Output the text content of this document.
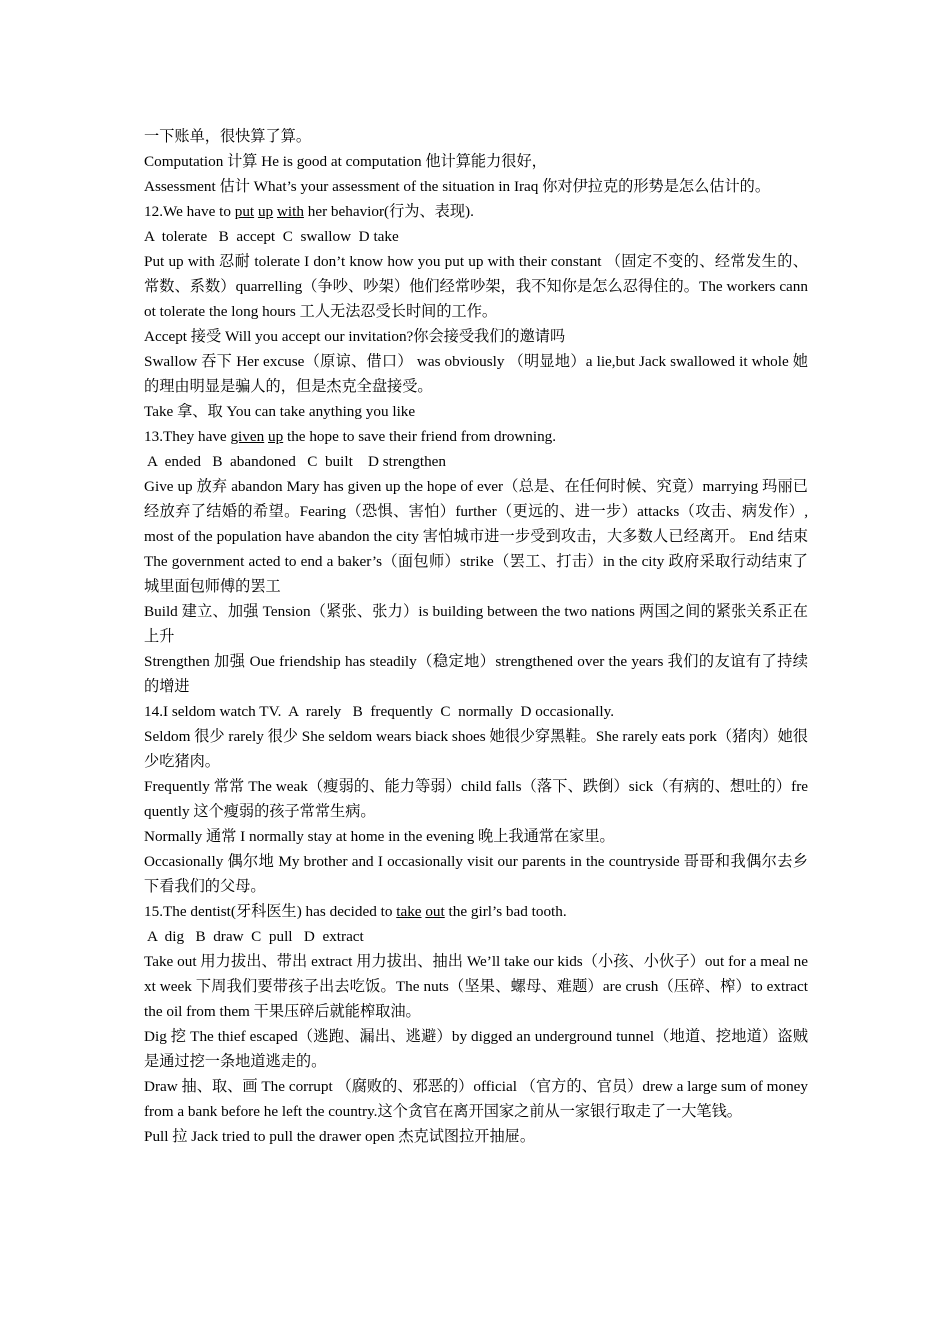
一下账单，很快算了算。

Computation 计算 He is good at computation 他计算能力很好，

Assessment 估计 What’s your assessment of the situation in Iraq 你对伊拉克的形势是怎么估计的。

12.We have to put up with her behavior(行为、表现).

A  tolerate   B  accept  C  swallow  D take

Put up with 忍耐 tolerate I don’t know how you put up with their constant （固定不变的、经常发生的、常数、系数）quarrelling（争吵、吵架）他们经常吵架，我不知你是怎么忍得住的。The workers cannot tolerate the long hours 工人无法忍受长时间的工作。

Accept 接受 Will you accept our invitation?你会接受我们的邀请吗

Swallow 吞下 Her excuse（原谅、借口） was obviously （明显地）a lie,but Jack swallowed it whole 她的理由明显是骗人的，但是杰克全盘接受。

Take 拿、取 You can take anything you like

13.They have given up the hope to save their friend from drowning.

A  ended   B  abandoned   C  built    D strengthen

Give up 放弃 abandon Mary has given up the hope of ever（总是、在任何时候、究竟）marrying 玛丽已经放弃了结婚的希望。Fearing（恐惧、害怕）further（更远的、进一步）attacks（攻击、病发作）, most of the population have abandon the city 害怕城市进一步受到攻击，大多数人已经离开。 End 结束 The government acted to end a baker’s（面包师）strike（罢工、打击）in the city 政府采取行动结束了城里面包师傅的罢工

Build 建立、加强 Tension（紧张、张力）is building between the two nations 两国之间的紧张关系正在上升

Strengthen 加强 Oue friendship has steadily（稳定地）strengthened over the years 我们的友谊有了持续的增进

14.I seldom watch TV.  A  rarely   B  frequently  C  normally  D occasionally.

Seldom 很少 rarely 很少 She seldom wears biack shoes 她很少穿黑鞋。She rarely eats pork（猪肉）她很少吃猪肉。

Frequently 常常 The weak（瘦弱的、能力等弱）child falls（落下、跌倒）sick（有病的、想吐的）frequently 这个瘦弱的孩子常常生病。

Normally 通常 I normally stay at home in the evening 晚上我通常在家里。

Occasionally 偶尔地 My brother and I occasionally visit our parents in the countryside 哥哥和我偶尔去乡下看我们的父母。

15.The dentist(牙科医生) has decided to take out the girl’s bad tooth.

A  dig   B  draw  C  pull   D  extract

Take out 用力拔出、带出 extract 用力拔出、抽出 We’ll take our kids（小孩、小伙子）out for a meal next week 下周我们要带孩子出去吃饭。The nuts（坚果、螺母、难题）are crush（压碎、榨）to extract the oil from them 干果压碎后就能榨取油。

Dig 挖 The thief escaped（逃跑、漏出、逃避）by digged an underground tunnel（地道、挖地道）盗贼是通过挖一条地道逃走的。

Draw 抽、取、画 The corrupt （腐败的、邪恶的）official （官方的、官员）drew a large sum of money from a bank before he left the country.这个贪官在离开国家之前从一家银行取走了一大笔钱。

Pull 拉 Jack tried to pull the drawer open 杰克试图拉开抽屉。
